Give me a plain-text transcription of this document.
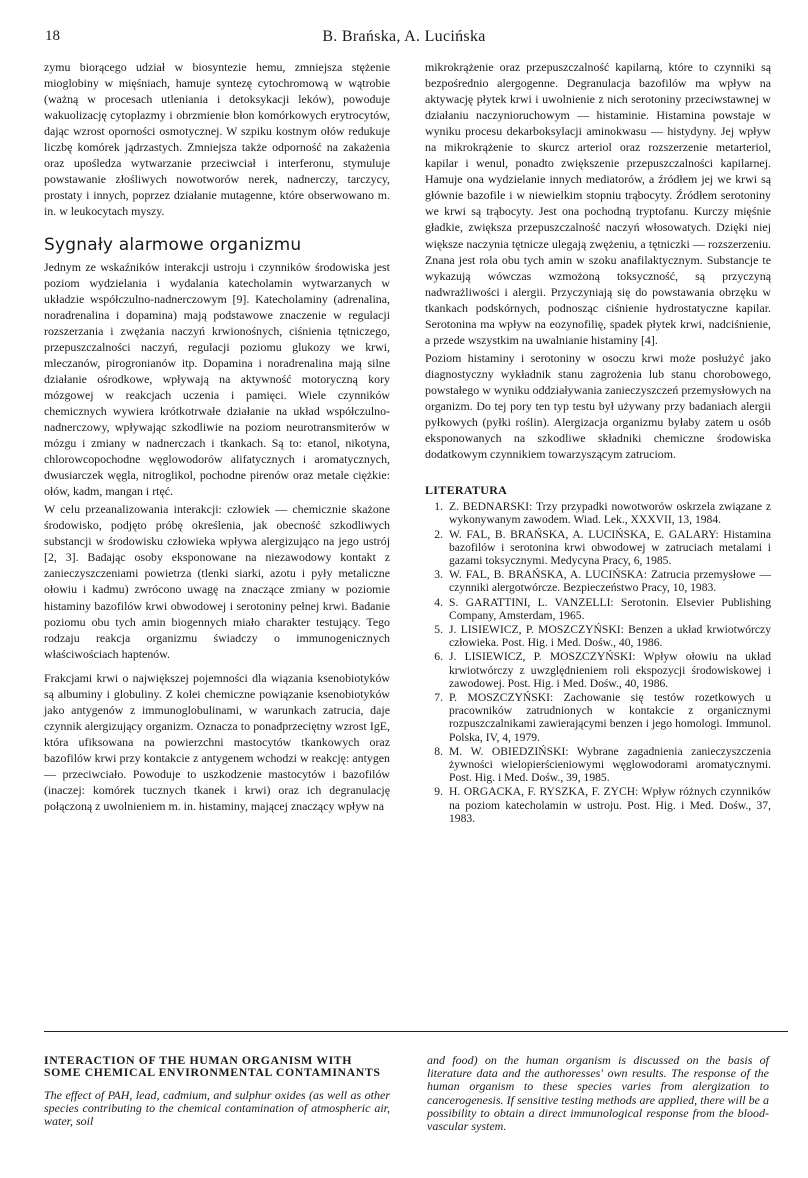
18	B. Brańska, A. Lucińska

zymu biorącego udział w biosyntezie hemu, zmniejsza stężenie mioglobiny w mięśniach, hamuje syntezę cytochromową w wątrobie (ważną w procesach utleniania i detoksykacji leków), powoduje wakuolizację cytoplazmy i obrzmienie błon komórkowych erytrocytów, dając wzrost oporności osmotycznej. W szpiku kostnym ołów redukuje liczbę komórek jądrzastych. Zmniejsza także odporność na zakażenia oraz upośledza wytwarzanie przeciwciał i interferonu, stymuluje powstawanie złośliwych nowotworów nerek, nadnerczy, tarczycy, prostaty i innych, poprzez działanie mutagenne, które obserwowano m. in. w leukocytach myszy.

Sygnały alarmowe organizmu

Jednym ze wskaźników interakcji ustroju i czynników środowiska jest poziom wydzielania i wydalania katecholamin wytwarzanych w układzie współczulno-nadnerczowym [9]. Katecholaminy (adrenalina, noradrenalina i dopamina) mają podstawowe znaczenie w regulacji rozszerzania i zwężania naczyń krwionośnych, ciśnienia tętniczego, przepuszczalności naczyń, regulacji poziomu glukozy we krwi, mleczanów, pirogronianów itp. Dopamina i noradrenalina mają silne działanie ośrodkowe, wpływają na aktywność motoryczną kory mózgowej w reakcjach uczenia i pamięci. Wiele czynników chemicznych wywiera krótkotrwałe działanie na układ współczulno-nadnerczowy, wpływając szkodliwie na poziom neurotransmiterów w mózgu i zmiany w nadnerczach i tkankach. Są to: etanol, nikotyna, chlorowcopochodne węglowodorów alifatycznych i aromatycznych, dwusiarczek węgla, nitroglikol, pochodne pirenów oraz metale ciężkie: ołów, kadm, mangan i rtęć.

W celu przeanalizowania interakcji: człowiek — chemicznie skażone środowisko, podjęto próbę określenia, jak obecność szkodliwych substancji w środowisku człowieka wpływa alergizująco na jego ustrój [2, 3]. Badając osoby eksponowane na niezawodowy kontakt z zanieczyszczeniami powietrza (tlenki siarki, azotu i pyły metaliczne ołowiu i kadmu) zwrócono uwagę na znaczące zmiany w poziomie histaminy bazofilów krwi obwodowej i serotoniny pełnej krwi. Badanie poziomu obu tych amin biogennych miało charakter testujący. Tego rodzaju reakcja organizmu świadczy o immunogenicznych właściwościach haptenów.

Frakcjami krwi o największej pojemności dla wiązania ksenobiotyków są albuminy i globuliny. Z kolei chemiczne powiązanie ksenobiotyków jako antygenów z immunoglobulinami, w warunkach zatrucia, daje czynnik alergizujący organizm. Oznacza to ponadprzeciętny wzrost IgE, która ufiksowana na powierzchni mastocytów tkankowych oraz bazofilów krwi przy kontakcie z antygenem wchodzi w reakcję: antygen — przeciwciało. Powoduje to uszkodzenie mastocytów i bazofilów (inaczej: komórek tucznych tkanek i krwi) oraz ich degranulację połączoną z uwolnieniem m. in. histaminy, mającej znaczący wpływ na

mikrokrążenie oraz przepuszczalność kapilarną, które to czynniki są bezpośrednio alergogenne. Degranulacja bazofilów ma wpływ na aktywację płytek krwi i uwolnienie z nich serotoniny przeciwstawnej w działaniu naczynioruchowym — histaminie. Histamina powstaje w wyniku procesu dekarboksylacji aminokwasu — histydyny. Jej wpływ na mikrokrążenie to skurcz arteriol oraz rozszerzenie metarteriol, kapilar i wenul, ponadto zwiększenie przepuszczalności kapilarnej. Hamuje ona wydzielanie innych mediatorów, a źródłem jej we krwi są głównie bazofile i w niewielkim stopniu trąbocyty. Źródłem serotoniny we krwi są trąbocyty. Jest ona pochodną tryptofanu. Kurczy mięśnie gładkie, zwiększa przepuszczalność naczyń włosowatych. Dzięki niej większe naczynia tętnicze ulegają zwężeniu, a tętniczki — rozszerzeniu. Znana jest rola obu tych amin w szoku anafilaktycznym. Substancje te wykazują wówczas wzmożoną toksyczność, są przyczyną nadwrażliwości i alergii. Przyczyniają się do powstawania obrzęku w tkankach podskórnych, podnosząc ciśnienie hydrostatyczne kapilar. Serotonina ma wpływ na eozynofilię, spadek płytek krwi, nadciśnienie, a przede wszystkim na uwalnianie histaminy [4].

Poziom histaminy i serotoniny w osoczu krwi może posłużyć jako diagnostyczny wykładnik stanu zagrożenia lub stanu chorobowego, powstałego w wyniku oddziaływania zanieczyszczeń przemysłowych na organizm. Do tej pory ten typ testu był używany przy badaniach alergii pyłkowych (pyłki roślin). Alergizacja organizmu byłaby zatem u osób eksponowanych na szkodliwe składniki chemiczne środowiska dodatkowym czynnikiem towarzyszącym zatruciom.

LITERATURA
1. Z. BEDNARSKI: Trzy przypadki nowotworów oskrzela związane z wykonywanym zawodem. Wiad. Lek., XXXVII, 13, 1984.
2. W. FAL, B. BRAŃSKA, A. LUCIŃSKA, E. GALARY: Histamina bazofilów i serotonina krwi obwodowej w zatruciach metalami i gazami toksycznymi. Medycyna Pracy, 6, 1985.
3. W. FAL, B. BRAŃSKA, A. LUCIŃSKA: Zatrucia przemysłowe — czynniki alergotwórcze. Bezpieczeństwo Pracy, 10, 1983.
4. S. GARATTINI, L. VANZELLI: Serotonin. Elsevier Publishing Company, Amsterdam, 1965.
5. J. LISIEWICZ, P. MOSZCZYŃSKI: Benzen a układ krwiotwórczy człowieka. Post. Hig. i Med. Dośw., 40, 1986.
6. J. LISIEWICZ, P. MOSZCZYŃSKI: Wpływ ołowiu na układ krwiotwórczy z uwzględnieniem roli ekspozycji środowiskowej i zawodowej. Post. Hig. i Med. Dośw., 40, 1986.
7. P. MOSZCZYŃSKI: Zachowanie się testów rozetkowych u pracowników zatrudnionych w kontakcie z organicznymi rozpuszczalnikami zawierającymi benzen i jego homologi. Immunol. Polska, IV, 4, 1979.
8. M. W. OBIEDZIŃSKI: Wybrane zagadnienia zanieczyszczenia żywności wielopierścieniowymi węglowodorami aromatycznymi. Post. Hig. i Med. Dośw., 39, 1985.
9. H. ORGACKA, F. RYSZKA, F. ZYCH: Wpływ różnych czynników na poziom katecholamin w ustroju. Post. Hig. i Med. Dośw., 37, 1983.
INTERACTION OF THE HUMAN ORGANISM WITH SOME CHEMICAL ENVIRONMENTAL CONTAMINANTS

The effect of PAH, lead, cadmium, and sulphur oxides (as well as other species contributing to the chemical contamination of atmospheric air, water, soil

and food) on the human organism is discussed on the basis of literature data and the authoresses' own results. The response of the human organism to these species varies from alergization to cancerogenesis. If sensitive testing methods are applied, there will be a possibility to obtain a direct immunological response from the blood-vascular system.
